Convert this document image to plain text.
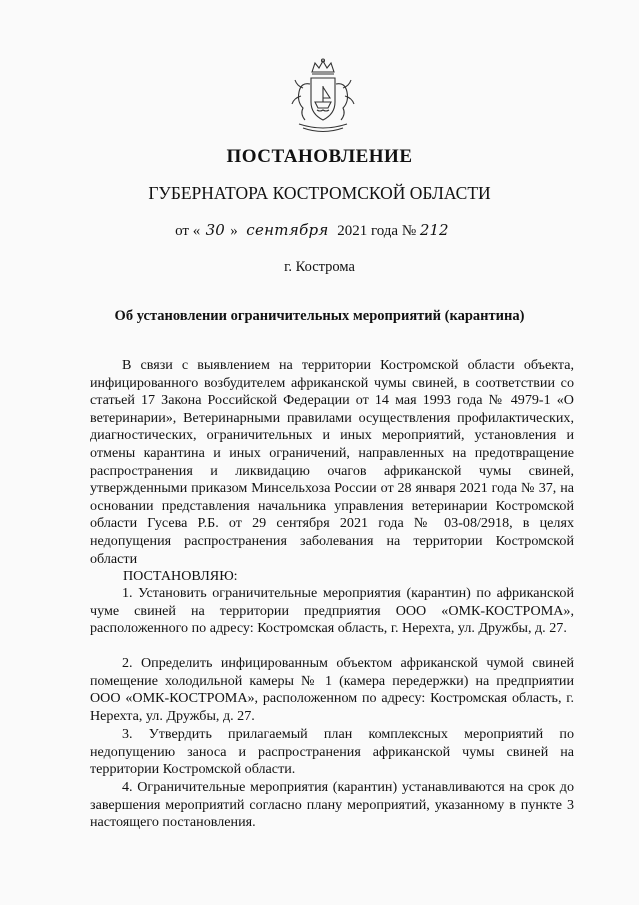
ПОСТАНОВЛЕНИЕ
ГУБЕРНАТОРА КОСТРОМСКОЙ ОБЛАСТИ
от « 30 » сентября 2021 года № 212
г. Кострома
Об установлении ограничительных мероприятий (карантина)

В связи с выявлением на территории Костромской области объекта, инфицированного возбудителем африканской чумы свиней, в соответствии со статьей 17 Закона Российской Федерации от 14 мая 1993 года № 4979-1 «О ветеринарии», Ветеринарными правилами осуществления профилактических, диагностических, ограничительных и иных мероприятий, установления и отмены карантина и иных ограничений, направленных на предотвращение распространения и ликвидацию очагов африканской чумы свиней, утвержденными приказом Минсельхоза России от 28 января 2021 года № 37, на основании представления начальника управления ветеринарии Костромской области Гусева Р.Б. от 29 сентября 2021 года № 03-08/2918, в целях недопущения распространения заболевания на территории Костромской области

ПОСТАНОВЛЯЮ:

1. Установить ограничительные мероприятия (карантин) по африканской чуме свиней на территории предприятия ООО «ОМК-КОСТРОМА», расположенного по адресу: Костромская область, г. Нерехта, ул. Дружбы, д. 27.

2. Определить инфицированным объектом африканской чумой свиней помещение холодильной камеры № 1 (камера передержки) на предприятии ООО «ОМК-КОСТРОМА», расположенном по адресу: Костромская область, г. Нерехта, ул. Дружбы, д. 27.

3. Утвердить прилагаемый план комплексных мероприятий по недопущению заноса и распространения африканской чумы свиней на территории Костромской области.

4. Ограничительные мероприятия (карантин) устанавливаются на срок до завершения мероприятий согласно плану мероприятий, указанному в пункте 3 настоящего постановления.
